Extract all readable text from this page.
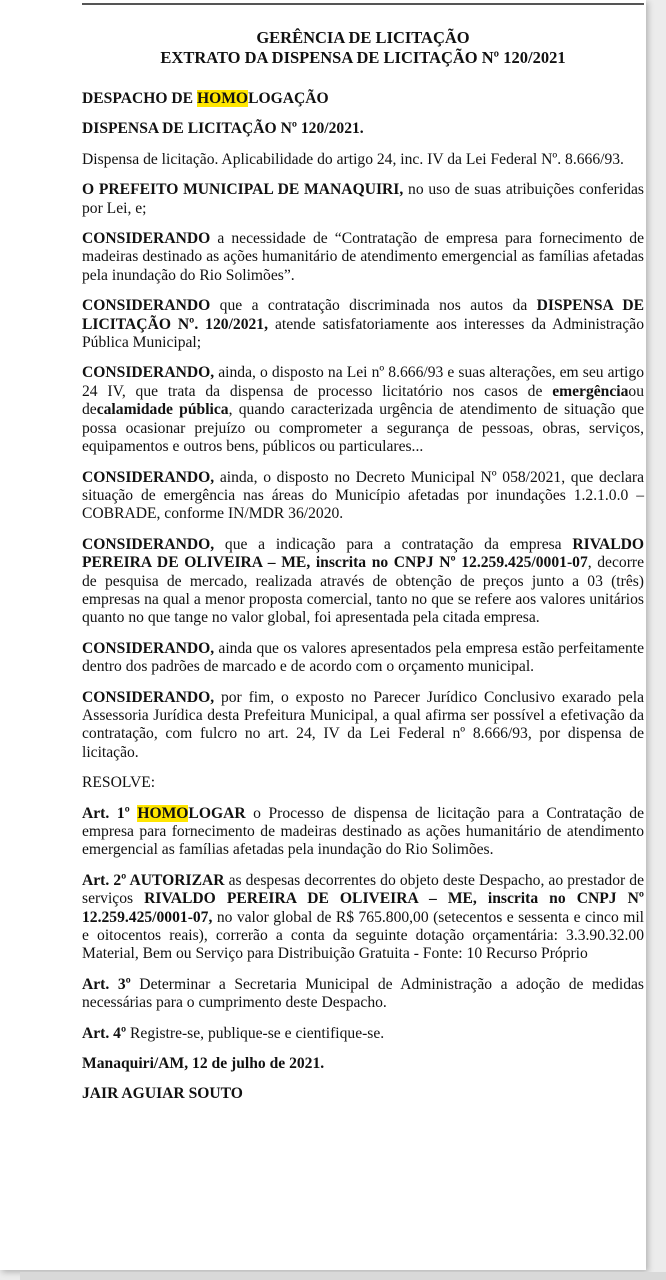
GERÊNCIA DE LICITAÇÃO
EXTRATO DA DISPENSA DE LICITAÇÃO Nº 120/2021

DESPACHO DE HOMOLOGAÇÃO

DISPENSA DE LICITAÇÃO Nº 120/2021.

Dispensa de licitação. Aplicabilidade do artigo 24, inc. IV da Lei Federal Nº. 8.666/93.

O PREFEITO MUNICIPAL DE MANAQUIRI, no uso de suas atribuições conferidas por Lei, e;

CONSIDERANDO a necessidade de “Contratação de empresa para fornecimento de madeiras destinado as ações humanitário de atendimento emergencial as famílias afetadas pela inundação do Rio Solimões”.

CONSIDERANDO que a contratação discriminada nos autos da DISPENSA DE LICITAÇÃO Nº. 120/2021, atende satisfatoriamente aos interesses da Administração Pública Municipal;

CONSIDERANDO, ainda, o disposto na Lei nº 8.666/93 e suas alterações, em seu artigo 24 IV, que trata da dispensa de processo licitatório nos casos de emergênciaou decalamidade pública, quando caracterizada urgência de atendimento de situação que possa ocasionar prejuízo ou comprometer a segurança de pessoas, obras, serviços, equipamentos e outros bens, públicos ou particulares...

CONSIDERANDO, ainda, o disposto no Decreto Municipal Nº 058/2021, que declara situação de emergência nas áreas do Município afetadas por inundações 1.2.1.0.0 – COBRADE, conforme IN/MDR 36/2020.

CONSIDERANDO, que a indicação para a contratação da empresa RIVALDO PEREIRA DE OLIVEIRA – ME, inscrita no CNPJ Nº 12.259.425/0001-07, decorre de pesquisa de mercado, realizada através de obtenção de preços junto a 03 (três) empresas na qual a menor proposta comercial, tanto no que se refere aos valores unitários quanto no que tange no valor global, foi apresentada pela citada empresa.

CONSIDERANDO, ainda que os valores apresentados pela empresa estão perfeitamente dentro dos padrões de marcado e de acordo com o orçamento municipal.

CONSIDERANDO, por fim, o exposto no Parecer Jurídico Conclusivo exarado pela Assessoria Jurídica desta Prefeitura Municipal, a qual afirma ser possível a efetivação da contratação, com fulcro no art. 24, IV da Lei Federal nº 8.666/93, por dispensa de licitação.

RESOLVE:

Art. 1º HOMOLOGAR o Processo de dispensa de licitação para a Contratação de empresa para fornecimento de madeiras destinado as ações humanitário de atendimento emergencial as famílias afetadas pela inundação do Rio Solimões.

Art. 2º AUTORIZAR as despesas decorrentes do objeto deste Despacho, ao prestador de serviços RIVALDO PEREIRA DE OLIVEIRA – ME, inscrita no CNPJ Nº 12.259.425/0001-07, no valor global de R$ 765.800,00 (setecentos e sessenta e cinco mil e oitocentos reais), correrão a conta da seguinte dotação orçamentária: 3.3.90.32.00 Material, Bem ou Serviço para Distribuição Gratuita - Fonte: 10 Recurso Próprio

Art. 3º Determinar a Secretaria Municipal de Administração a adoção de medidas necessárias para o cumprimento deste Despacho.

Art. 4º Registre-se, publique-se e cientifique-se.

Manaquiri/AM, 12 de julho de 2021.

JAIR AGUIAR SOUTO
